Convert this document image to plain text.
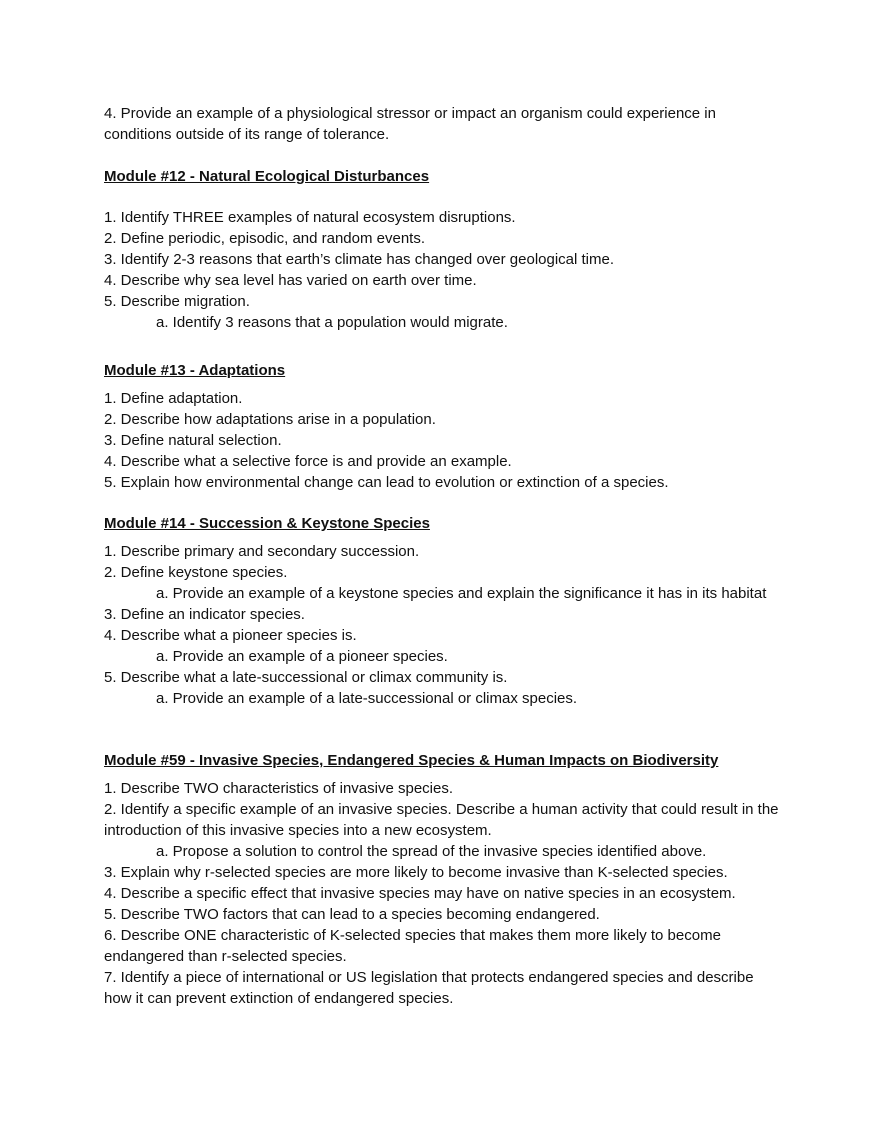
4. Provide an example of a physiological stressor or impact an organism could experience in conditions outside of its range of tolerance.

Module #12 - Natural Ecological Disturbances

1. Identify THREE examples of natural ecosystem disruptions.

2. Define periodic, episodic, and random events.

3. Identify 2-3 reasons that earth’s climate has changed over geological time.

4. Describe why sea level has varied on earth over time.

5. Describe migration.

a. Identify 3 reasons that a population would migrate.

Module #13 - Adaptations

1. Define adaptation.

2. Describe how adaptations arise in a population.

3. Define natural selection.

4. Describe what a selective force is and provide an example.

5. Explain how environmental change can lead to evolution or extinction of a species.

Module #14 - Succession & Keystone Species

1. Describe primary and secondary succession.

2. Define keystone species.

a. Provide an example of a keystone species and explain the significance it has in its habitat

3. Define an indicator species.

4. Describe what a pioneer species is.

a. Provide an example of a pioneer species.

5. Describe what a late-successional or climax community is.

a. Provide an example of a late-successional or climax species.

Module #59 - Invasive Species, Endangered Species & Human Impacts on Biodiversity

1. Describe TWO characteristics of invasive species.

2. Identify a specific example of an invasive species. Describe a human activity that could result in the introduction of this invasive species into a new ecosystem.

a. Propose a solution to control the spread of the invasive species identified above.

3. Explain why r-selected species are more likely to become invasive than K-selected species.

4. Describe a specific effect that invasive species may have on native species in an ecosystem.

5. Describe TWO factors that can lead to a species becoming endangered.

6. Describe ONE characteristic of K-selected species that makes them more likely to become endangered than r-selected species.

7. Identify a piece of international or US legislation that protects endangered species and describe how it can prevent extinction of endangered species.
